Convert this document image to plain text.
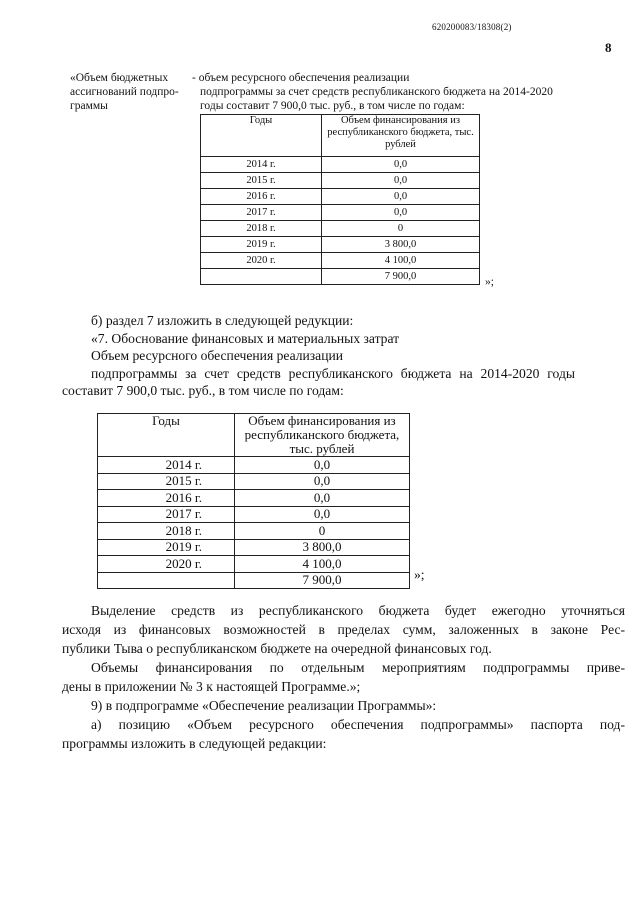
620200083/18308(2)
8
«Объем бюджетных
ассигнований подпро-
граммы
- объем ресурсного обеспечения реализации
подпрограммы за счет средств республиканского бюджета на 2014-2020
годы составит 7 900,0 тыс. руб., в том числе по годам:
Годы	Объем финансирования из республиканского бюджета, тыс. рублей
2014 г.	0,0
2015 г.	0,0
2016 г.	0,0
2017 г.	0,0
2018 г.	0
2019 г.	3 800,0
2020 г.	4 100,0
	7 900,0	»;
б) раздел 7 изложить в следующей редукции:
«7. Обоснование финансовых и материальных затрат
Объем ресурсного обеспечения реализации
подпрограммы за счет средств республиканского бюджета на 2014-2020 годы
составит 7 900,0 тыс. руб., в том числе по годам:
Годы	Объем финансирования из республиканского бюджета, тыс. рублей
2014 г.	0,0
2015 г.	0,0
2016 г.	0,0
2017 г.	0,0
2018 г.	0
2019 г.	3 800,0
2020 г.	4 100,0
	7 900,0	»;
Выделение средств из республиканского бюджета будет ежегодно уточняться
исходя из финансовых возможностей в пределах сумм, заложенных в законе Рес-
публики Тыва о республиканском бюджете на очередной финансовых год.
Объемы финансирования по отдельным мероприятиям подпрограммы приве-
дены в приложении № 3 к настоящей Программе.»;
9) в подпрограмме «Обеспечение реализации Программы»:
а) позицию «Объем ресурсного обеспечения подпрограммы» паспорта под-
программы изложить в следующей редакции:
